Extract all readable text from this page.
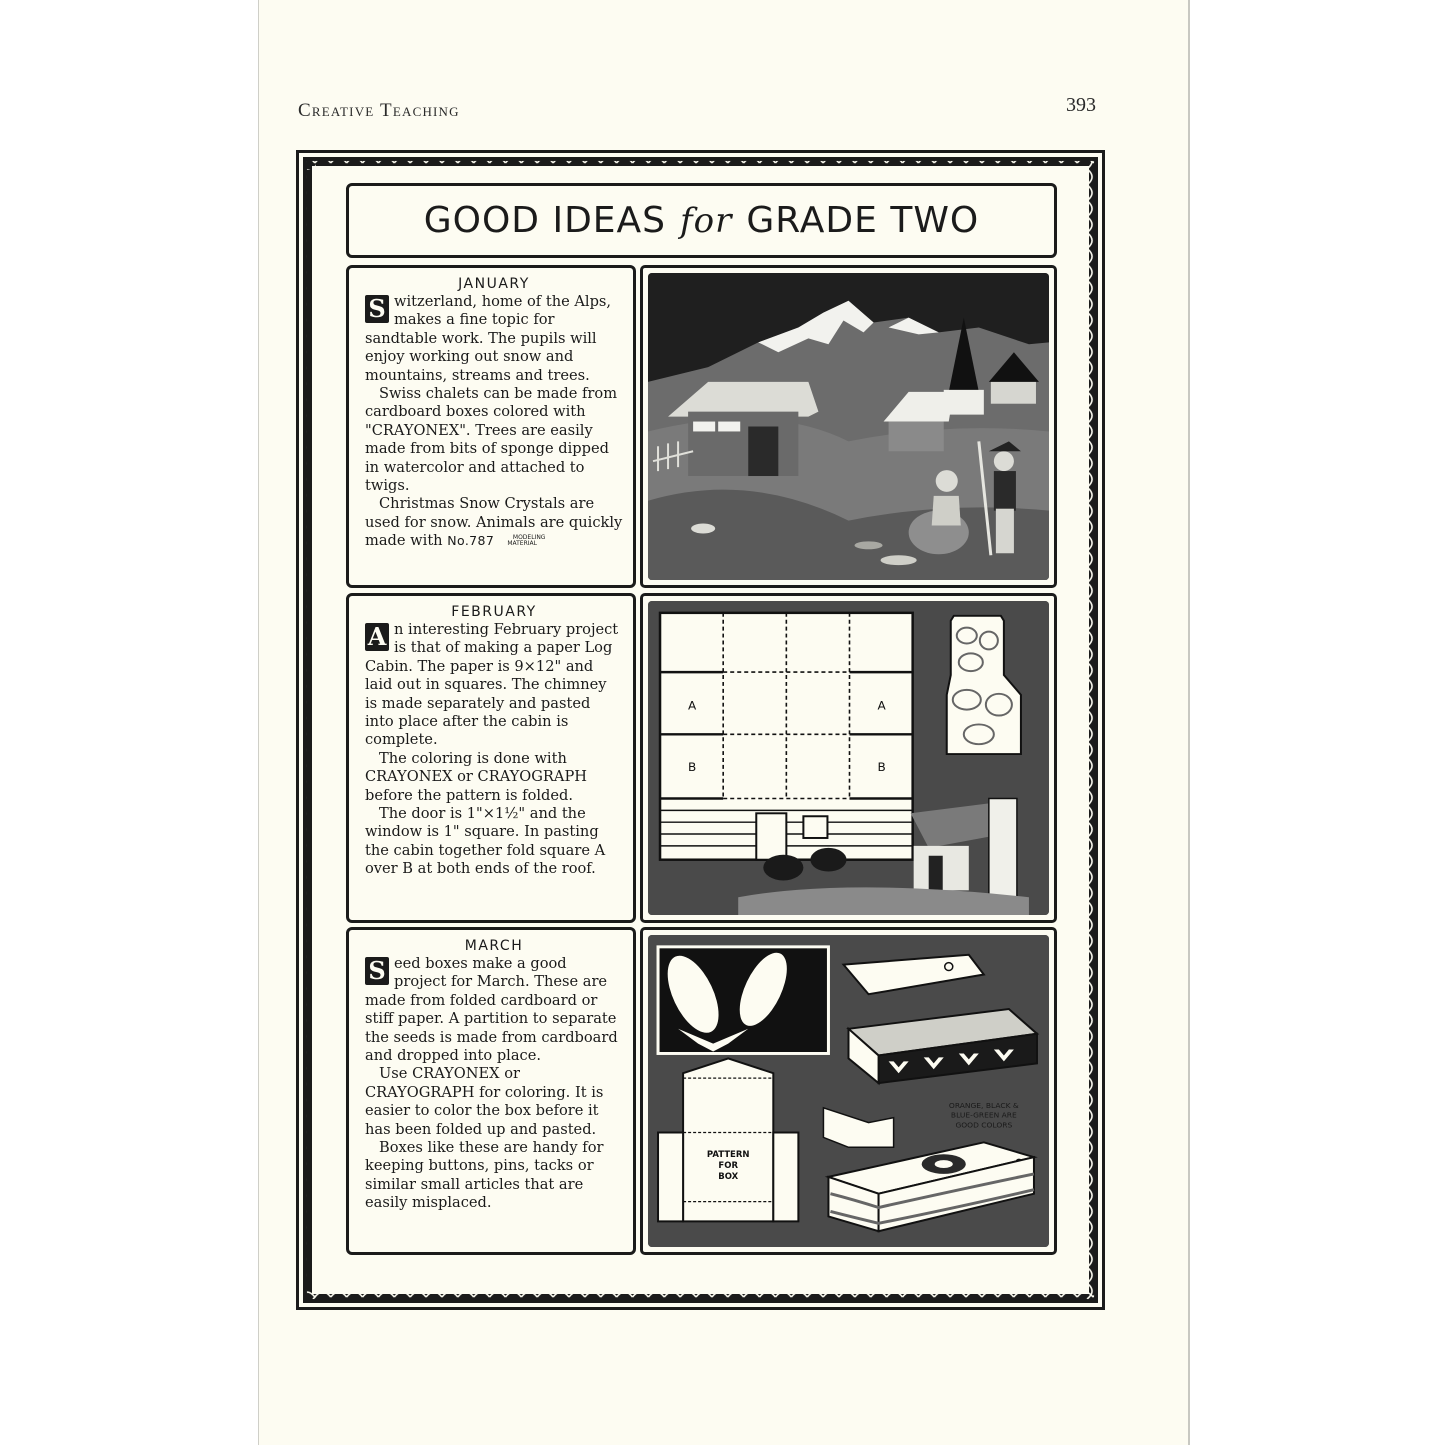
Creative Teaching	393
GOOD IDEAS for GRADE TWO
JANUARY
S witzerland, home of the Alps, makes a fine topic for sandtable work. The pupils will enjoy working out snow and mountains, streams and trees.

Swiss chalets can be made from cardboard boxes colored with "CRAYONEX". Trees are easily made from bits of sponge dipped in watercolor and attached to twigs.

Christmas Snow Crystals are used for snow. Animals are quickly made with No.787	MODELING
MATERIAL

FEBRUARY
A n interesting February project is that of making a paper Log Cabin. The paper is 9×12" and laid out in squares. The chimney is made separately and pasted into place after the cabin is complete.

The coloring is done with CRAYONEX or CRAYOGRAPH before the pattern is folded.

The door is 1"×1½" and the window is 1" square. In pasting the cabin together fold square A over B at both ends of the roof.

A	A
B	B
MARCH
S eed boxes make a good project for March. These are made from folded cardboard or stiff paper. A partition to separate the seeds is made from cardboard and dropped into place.

Use CRAYONEX or CRAYOGRAPH for coloring. It is easier to color the box before it has been folded up and pasted.

Boxes like these are handy for keeping buttons, pins, tacks or similar small articles that are easily misplaced.

PATTERN
FOR
BOX
ORANGE, BLACK &
BLUE-GREEN ARE
GOOD COLORS
